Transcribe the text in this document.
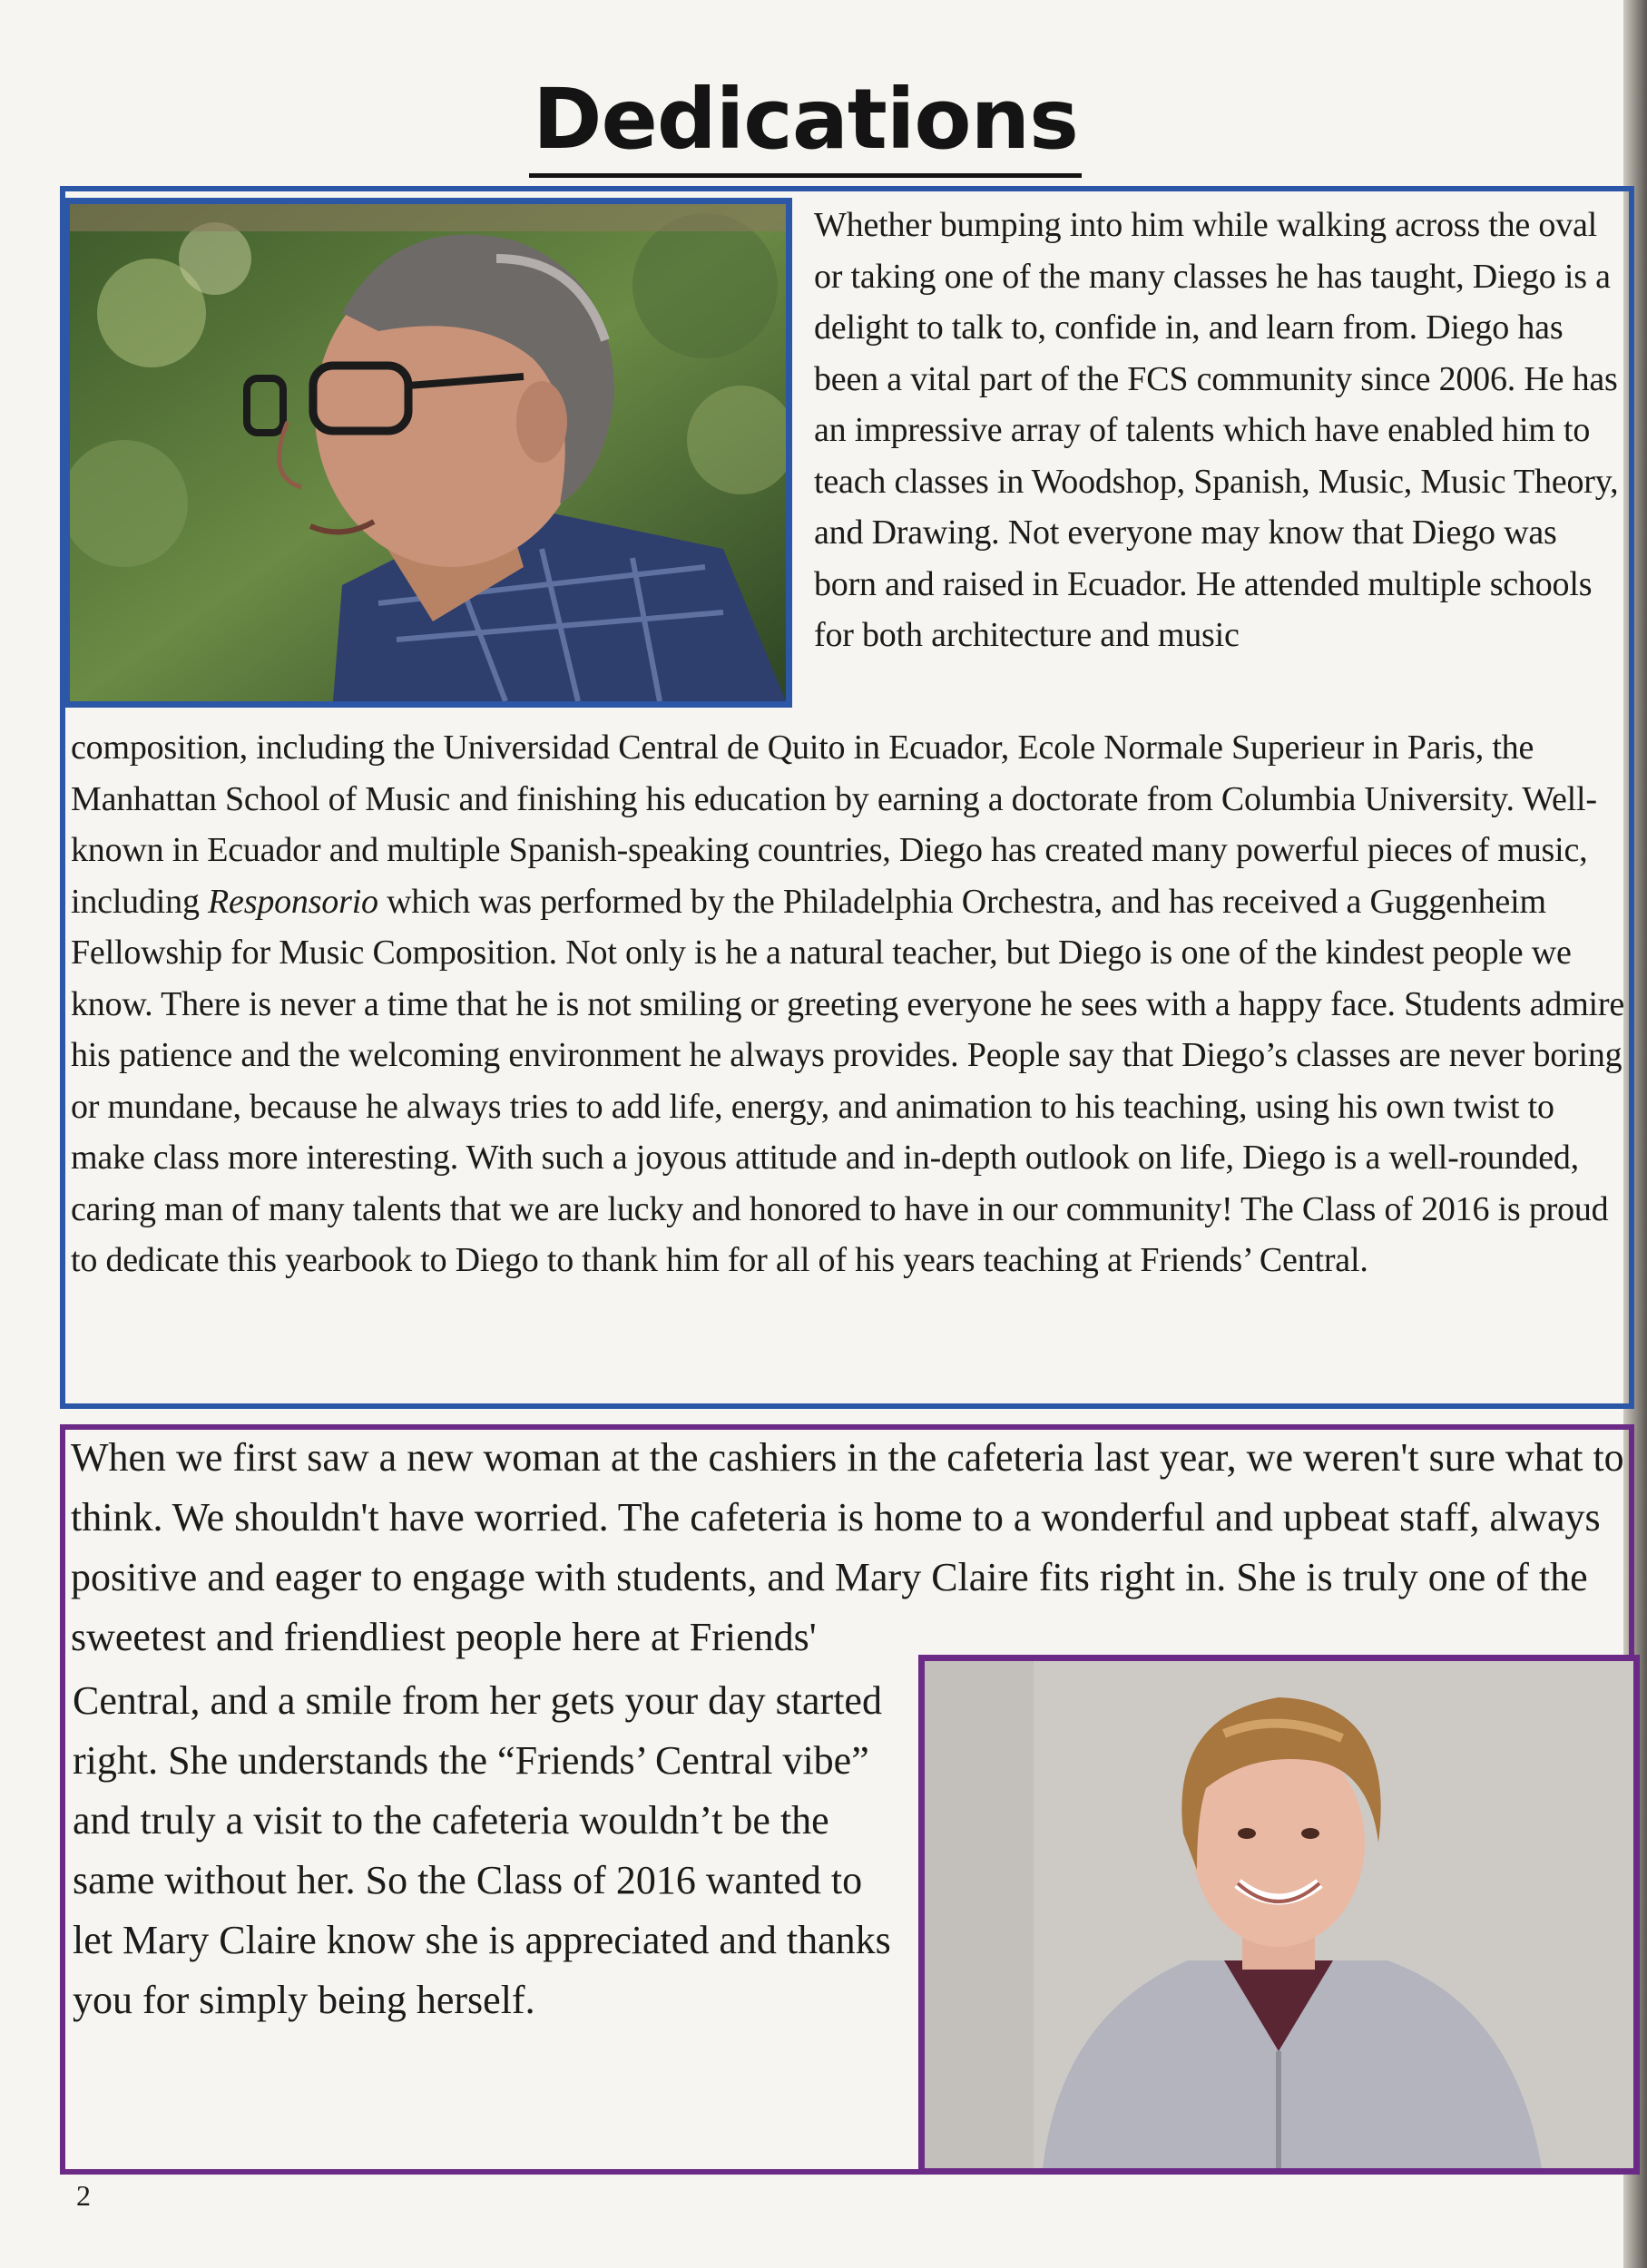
Dedications

Whether bumping into him while walking across the oval or taking one of the many classes he has taught, Diego is a delight to talk to, confide in, and learn from. Diego has been a vital part of the FCS community since 2006. He has an impressive array of talents which have enabled him to teach classes in Woodshop, Spanish, Music, Music Theory, and Drawing. Not everyone may know that Diego was born and raised in Ecuador. He attended multiple schools for both architecture and music

composition, including the Universidad Central de Quito in Ecuador, Ecole Normale Superieur in Paris, the Manhattan School of Music and finishing his education by earning a doctorate from Columbia University. Well-known in Ecuador and multiple Spanish-speaking countries, Diego has created many powerful pieces of music, including Responsorio which was performed by the Philadelphia Orchestra, and has received a Guggenheim Fellowship for Music Composition. Not only is he a natural teacher, but Diego is one of the kindest people we know. There is never a time that he is not smiling or greeting everyone he sees with a happy face. Students admire his patience and the welcoming environment he always provides. People say that Diego’s classes are never boring or mundane, because he always tries to add life, energy, and animation to his teaching, using his own twist to make class more interesting. With such a joyous attitude and in-depth outlook on life, Diego is a well-rounded, caring man of many talents that we are lucky and honored to have in our community! The Class of 2016 is proud to dedicate this yearbook to Diego to thank him for all of his years teaching at Friends’ Central.

When we first saw a new woman at the cashiers in the cafeteria last year, we weren't sure what to think. We shouldn't have worried. The cafeteria is home to a wonderful and upbeat staff, always positive and eager to engage with students, and Mary Claire fits right in. She is truly one of the sweetest and friendliest people here at Friends'

Central, and a smile from her gets your day started right. She understands the “Friends’ Central vibe” and truly a visit to the cafeteria wouldn’t be the same without her. So the Class of 2016 wanted to let Mary Claire know she is appreciated and thanks you for simply being herself.

2
